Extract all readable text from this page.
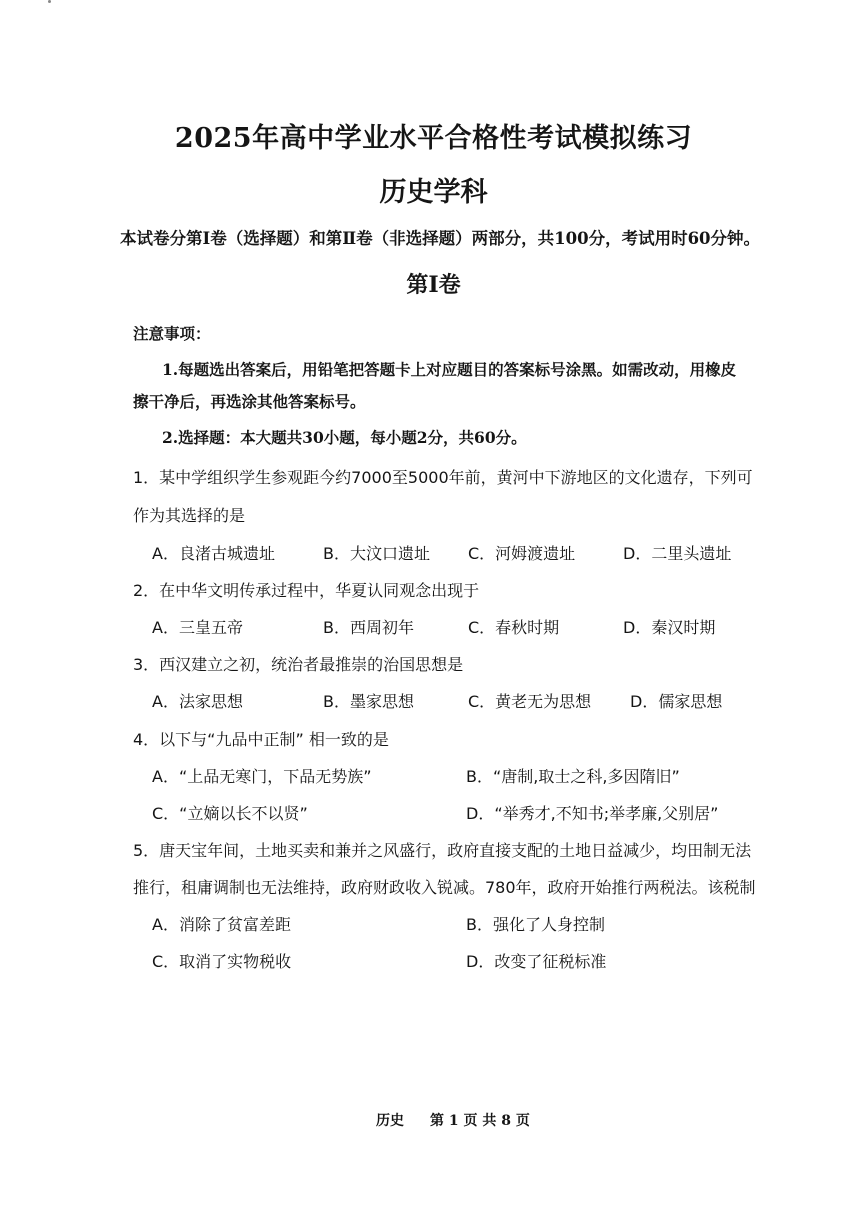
2025年高中学业水平合格性考试模拟练习
历史学科
本试卷分第Ⅰ卷（选择题）和第Ⅱ卷（非选择题）两部分，共100分，考试用时60分钟。
第Ⅰ卷
注意事项：
1.每题选出答案后，用铅笔把答题卡上对应题目的答案标号涂黑。如需改动，用橡皮
擦干净后，再选涂其他答案标号。
2.选择题：本大题共30小题，每小题2分，共60分。
1．某中学组织学生参观距今约7000至5000年前，黄河中下游地区的文化遗存，下列可
作为其选择的是
A．良渚古城遗址	B．大汶口遗址 C．河姆渡遗址	D．二里头遗址
2．在中华文明传承过程中，华夏认同观念出现于
A．三皇五帝	B．西周初年	C．春秋时期	D．秦汉时期
3．西汉建立之初，统治者最推崇的治国思想是
A．法家思想	B．墨家思想	C．黄老无为思想 D．儒家思想
4．以下与“九品中正制” 相一致的是
A．“上品无寒门，下品无势族”	B．“唐制,取士之科,多因隋旧”
C．“立嫡以长不以贤”	D．“举秀才,不知书;举孝廉,父别居”
5．唐天宝年间，土地买卖和兼并之风盛行，政府直接支配的土地日益减少，均田制无法
推行，租庸调制也无法维持，政府财政收入锐减。780年，政府开始推行两税法。该税制
A．消除了贫富差距	B．强化了人身控制
C．取消了实物税收	D．改变了征税标准
历史 第 1 页 共 8 页
